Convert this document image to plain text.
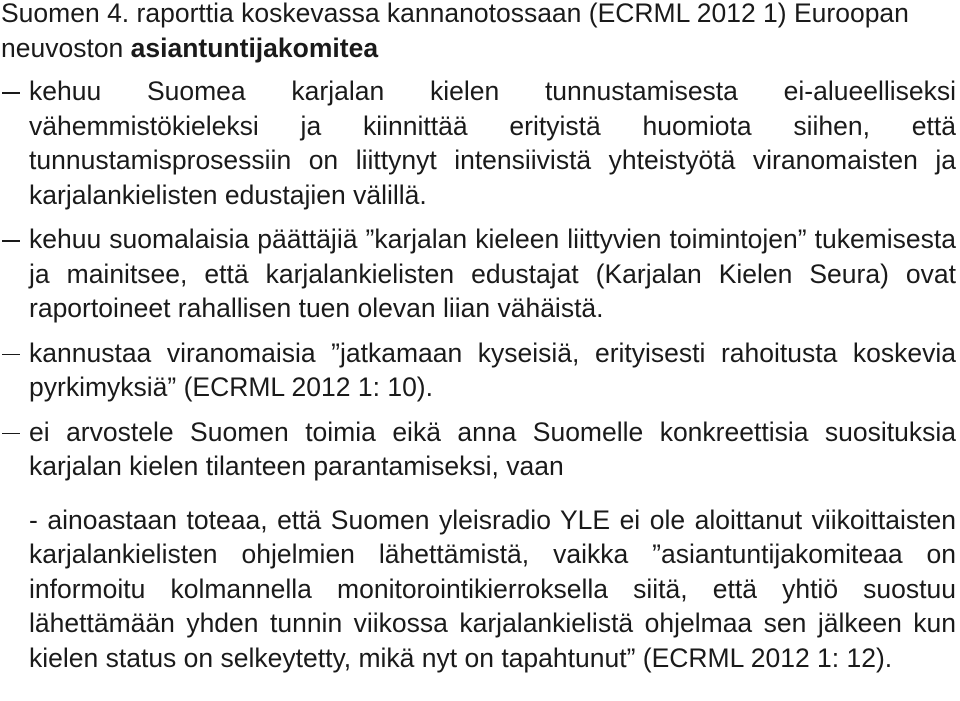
Suomen 4. raporttia koskevassa kannanotossaan (ECRML 2012 1) Euroopan neuvoston asiantuntijakomitea

kehuu Suomea karjalan kielen tunnustamisesta ei-alueelliseksi vähemmistökieleksi ja kiinnittää erityistä huomiota siihen, että tunnustamisprosessiin on liittynyt intensiivistä yhteistyötä viranomaisten ja karjalankielisten edustajien välillä.
kehuu suomalaisia päättäjiä ”karjalan kieleen liittyvien toimintojen” tukemisesta ja mainitsee, että karjalankielisten edustajat (Karjalan Kielen Seura) ovat raportoineet rahallisen tuen olevan liian vähäistä.
kannustaa viranomaisia ”jatkamaan kyseisiä, erityisesti rahoitusta koskevia pyrkimyksiä” (ECRML 2012 1: 10).
ei arvostele Suomen toimia eikä anna Suomelle konkreettisia suosituksia karjalan kielen tilanteen parantamiseksi, vaan
- ainoastaan toteaa, että Suomen yleisradio YLE ei ole aloittanut viikoittaisten karjalankielisten ohjelmien lähettämistä, vaikka ”asiantuntijakomiteaa on informoitu kolmannella monitorointikierroksella siitä, että yhtiö suostuu lähettämään yhden tunnin viikossa karjalankielistä ohjelmaa sen jälkeen kun kielen status on selkeytetty, mikä nyt on tapahtunut” (ECRML 2012 1: 12).
